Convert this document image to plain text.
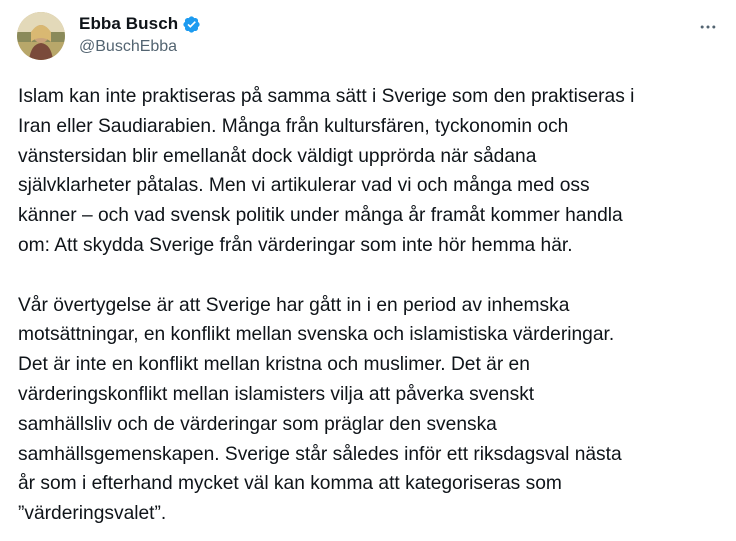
Ebba Busch
@BuschEbba

Islam kan inte praktiseras på samma sätt i Sverige som den praktiseras i
Iran eller Saudiarabien. Många från kultursfären, tyckonomin och
vänstersidan blir emellanåt dock väldigt upprörda när sådana
självklarheter påtalas. Men vi artikulerar vad vi och många med oss
känner – och vad svensk politik under många år framåt kommer handla
om: Att skydda Sverige från värderingar som inte hör hemma här.

Vår övertygelse är att Sverige har gått in i en period av inhemska
motsättningar, en konflikt mellan svenska och islamistiska värderingar.
Det är inte en konflikt mellan kristna och muslimer. Det är en
värderingskonflikt mellan islamisters vilja att påverka svenskt
samhällsliv och de värderingar som präglar den svenska
samhällsgemenskapen. Sverige står således inför ett riksdagsval nästa
år som i efterhand mycket väl kan komma att kategoriseras som
”värderingsvalet”.
